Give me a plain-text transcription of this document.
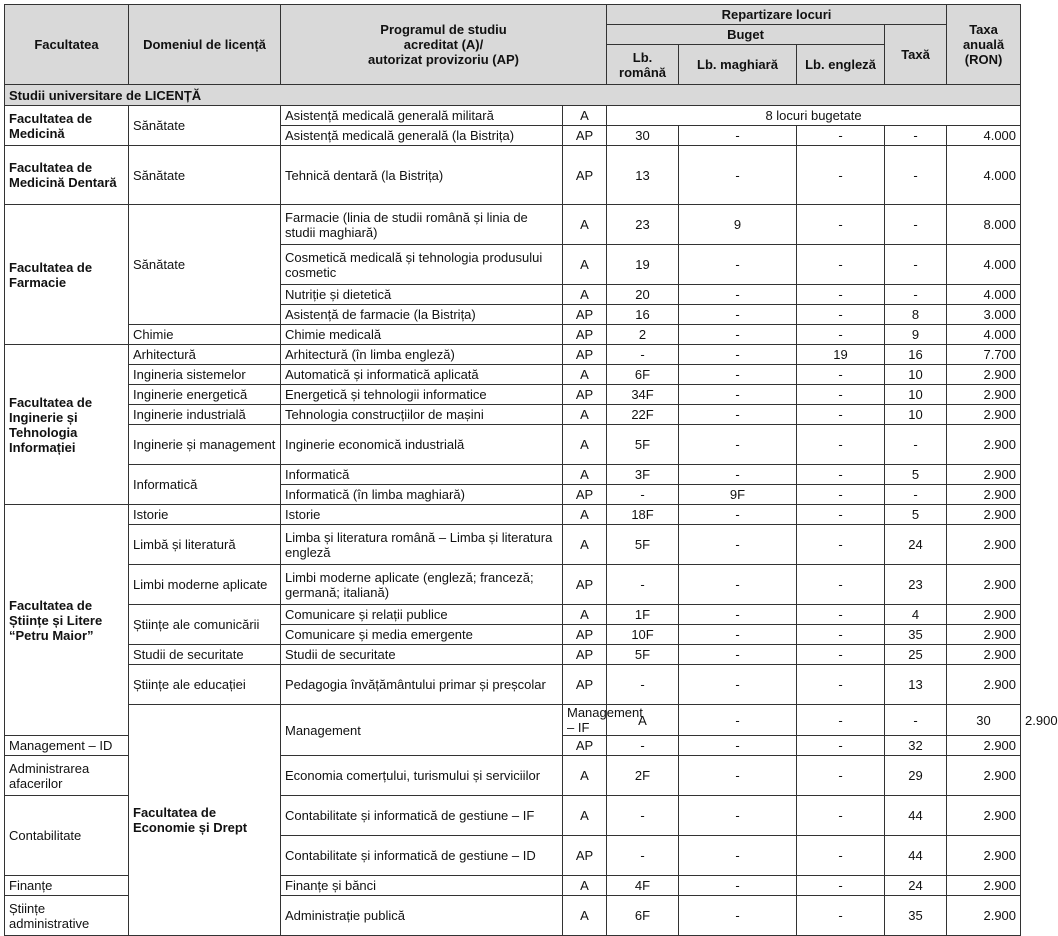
Facultatea	Domeniul de licență	Programul de studiu
acreditat (A)/
autorizat provizoriu (AP)		Repartizare locuri				Taxa anuală (RON)	
				Buget			Taxă		
				Lb. română	Lb. maghiară	Lb. engleză			
Studii universitare de LICENȚĂ									
Facultatea de Medicină	Sănătate	Asistență medicală generală militară	A	8 locuri bugetate					
		Asistență medicală generală (la Bistrița)	AP	30	-	-	-	4.000	
Facultatea de Medicină Dentară	Sănătate	Tehnică dentară (la Bistrița)	AP	13	-	-	-	4.000	
Facultatea de Farmacie	Sănătate	Farmacie (linia de studii română și linia de studii maghiară)	A	23	9	-	-	8.000	
		Cosmetică medicală și tehnologia produsului cosmetic	A	19	-	-	-	4.000	
		Nutriție și dietetică	A	20	-	-	-	4.000	
		Asistență de farmacie (la Bistrița)	AP	16	-	-	8	3.000	
	Chimie	Chimie medicală	AP	2	-	-	9	4.000	
Facultatea de Inginerie și Tehnologia Informației	Arhitectură	Arhitectură (în limba engleză)	AP	-	-	19	16	7.700	
	Ingineria sistemelor	Automatică și informatică aplicată	A	6F	-	-	10	2.900	
	Inginerie energetică	Energetică și tehnologii informatice	AP	34F	-	-	10	2.900	
	Inginerie industrială	Tehnologia construcțiilor de mașini	A	22F	-	-	10	2.900	
	Inginerie și management	Inginerie economică industrială	A	5F	-	-	-	2.900	
	Informatică	Informatică	A	3F	-	-	5	2.900	
		Informatică (în limba maghiară)	AP	-	9F	-	-	2.900	
Facultatea de Științe și Litere “Petru Maior”	Istorie	Istorie	A	18F	-	-	5	2.900	
	Limbă și literatură	Limba și literatura română – Limba și literatura engleză	A	5F	-	-	24	2.900	
	Limbi moderne aplicate	Limbi moderne aplicate (engleză; franceză; germană; italiană)	AP	-	-	-	23	2.900	
	Științe ale comunicării	Comunicare și relații publice	A	1F	-	-	4	2.900	
		Comunicare și media emergente	AP	10F	-	-	35	2.900	
	Studii de securitate	Studii de securitate	AP	5F	-	-	25	2.900	
	Științe ale educației	Pedagogia învățământului primar și preșcolar	AP	-	-	-	13	2.900	
	Facultatea de Economie și Drept	Management	Management – IF	A	-	-	-	30	2.900
Management – ID			AP	-	-	-	32	2.900	
Administrarea afacerilor		Economia comerțului, turismului și serviciilor	A	2F	-	-	29	2.900	
Contabilitate		Contabilitate și informatică de gestiune – IF	A	-	-	-	44	2.900	
		Contabilitate și informatică de gestiune – ID	AP	-	-	-	44	2.900	
Finanțe		Finanțe și bănci	A	4F	-	-	24	2.900	
Științe administrative		Administrație publică	A	6F	-	-	35	2.900	
